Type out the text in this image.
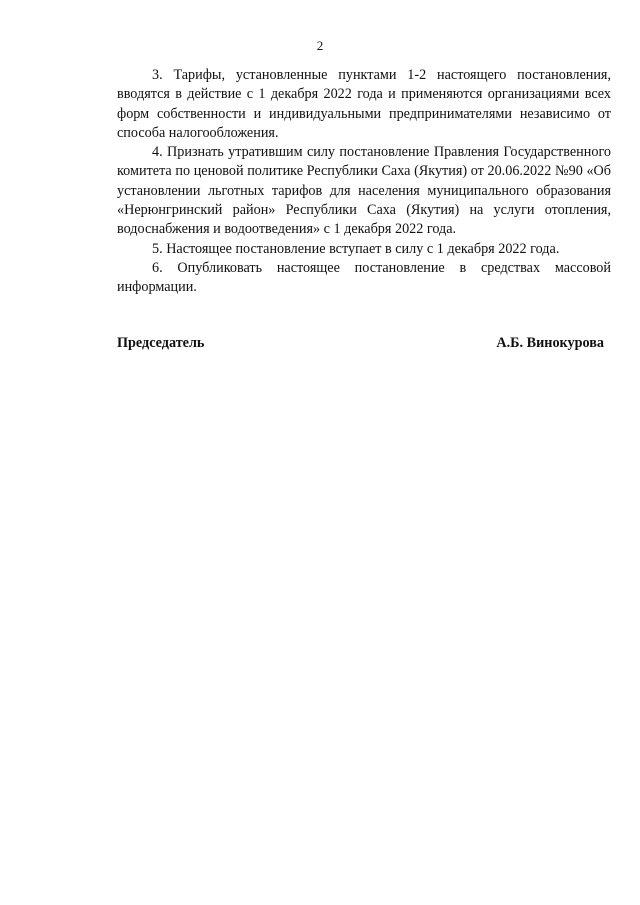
2

3. Тарифы, установленные пунктами 1-2 настоящего постановления, вводятся в действие с 1 декабря 2022 года и применяются организациями всех форм собственности и индивидуальными предпринимателями независимо от способа налогообложения.

4. Признать утратившим силу постановление Правления Государственного комитета по ценовой политике Республики Саха (Якутия) от 20.06.2022 №90 «Об установлении льготных тарифов для населения муниципального образования «Нерюнгринский район» Республики Саха (Якутия) на услуги отопления, водоснабжения и водоотведения» с 1 декабря 2022 года.

5. Настоящее постановление вступает в силу с 1 декабря 2022 года.

6. Опубликовать настоящее постановление в средствах массовой информации.

Председатель	А.Б. Винокурова
